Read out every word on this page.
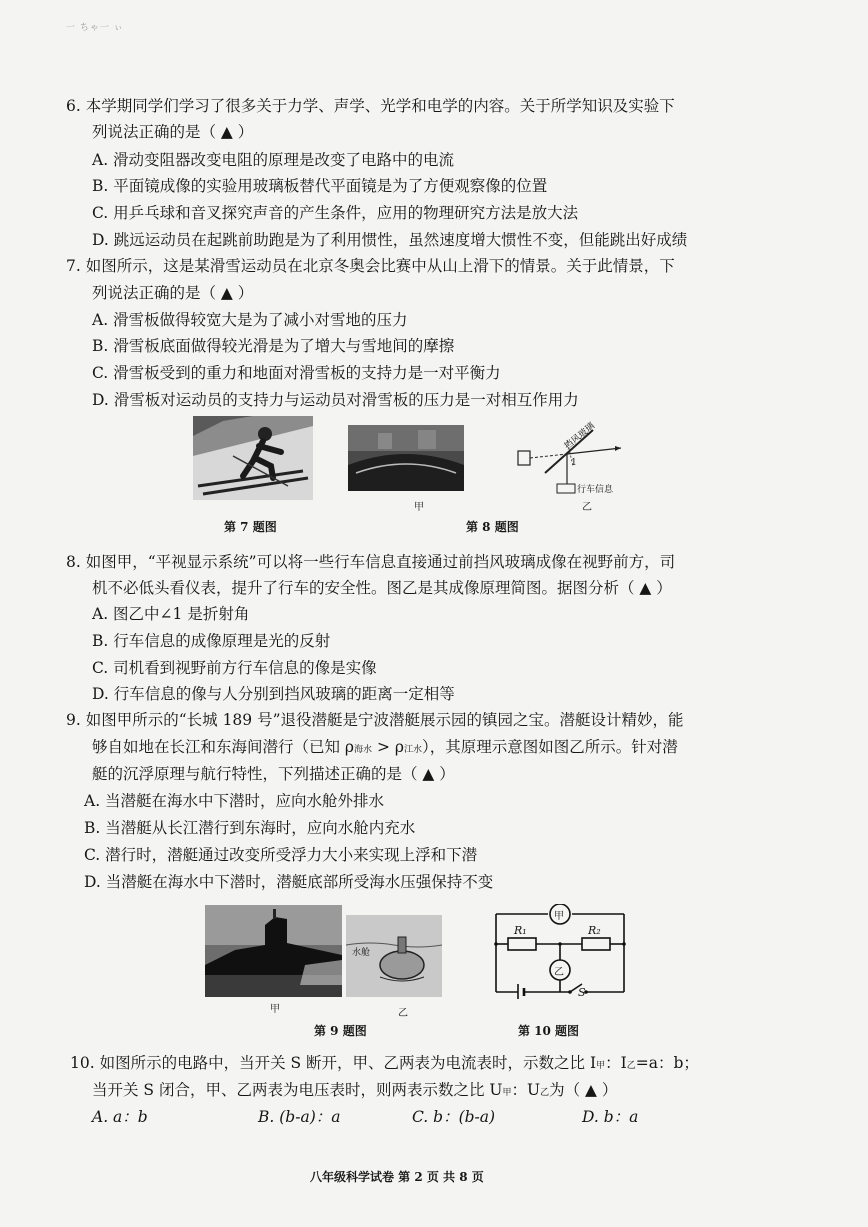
一 ちゃ一 ぃ
6. 本学期同学们学习了很多关于力学、声学、光学和电学的内容。关于所学知识及实验下
列说法正确的是（ ▲ ）
A. 滑动变阻器改变电阻的原理是改变了电路中的电流
B. 平面镜成像的实验用玻璃板替代平面镜是为了方便观察像的位置
C. 用乒乓球和音叉探究声音的产生条件，应用的物理研究方法是放大法
D. 跳远运动员在起跳前助跑是为了利用惯性，虽然速度增大惯性不变，但能跳出好成绩
7. 如图所示，这是某滑雪运动员在北京冬奥会比赛中从山上滑下的情景。关于此情景，下
列说法正确的是（ ▲ ）
A. 滑雪板做得较宽大是为了减小对雪地的压力
B. 滑雪板底面做得较光滑是为了增大与雪地间的摩擦
C. 滑雪板受到的重力和地面对滑雪板的支持力是一对平衡力
D. 滑雪板对运动员的支持力与运动员对滑雪板的压力是一对相互作用力
甲
挡风玻璃
1
行车信息
乙
第 7 题图	第 8 题图
8. 如图甲，“平视显示系统”可以将一些行车信息直接通过前挡风玻璃成像在视野前方，司
机不必低头看仪表，提升了行车的安全性。图乙是其成像原理简图。据图分析（ ▲ ）
A. 图乙中∠1 是折射角
B. 行车信息的成像原理是光的反射
C. 司机看到视野前方行车信息的像是实像
D. 行车信息的像与人分别到挡风玻璃的距离一定相等
9. 如图甲所示的“长城 189 号”退役潜艇是宁波潜艇展示园的镇园之宝。潜艇设计精妙，能
够自如地在长江和东海间潜行（已知 ρ海水 > ρ江水），其原理示意图如图乙所示。针对潜
艇的沉浮原理与航行特性，下列描述正确的是（ ▲ ）
A. 当潜艇在海水中下潜时，应向水舱外排水
B. 当潜艇从长江潜行到东海时，应向水舱内充水
C. 潜行时，潜艇通过改变所受浮力大小来实现上浮和下潜
D. 当潜艇在海水中下潜时，潜艇底部所受海水压强保持不变
甲
水舱
乙
甲
乙
R₁	R₂
S
第 9 题图	第 10 题图
10. 如图所示的电路中，当开关 S 断开，甲、乙两表为电流表时，示数之比 I甲：I乙=a：b；
当开关 S 闭合，甲、乙两表为电压表时，则两表示数之比 U甲：U乙为（ ▲ ）
A. a：b	B. (b-a)：a	C. b：(b-a)	D. b：a
八年级科学试卷 第 2 页 共 8 页
